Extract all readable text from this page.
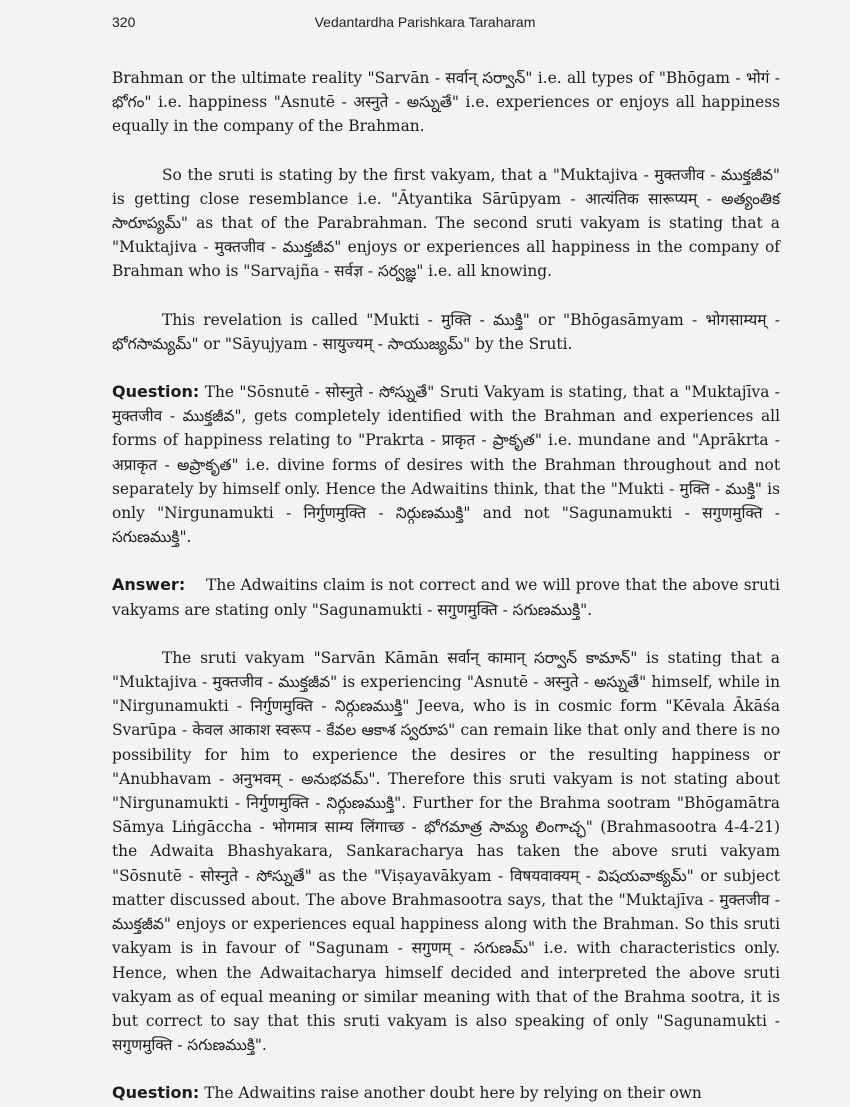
320	Vedantardha Parishkara Taraharam

Brahman or the ultimate reality "Sarvān - सर्वान् సర్వాన్" i.e. all types of "Bhōgam - भोगं - భోగం" i.e. happiness "Asnutē - अस्नुते - అస్నుతే" i.e. experiences or enjoys all happiness equally in the company of the Brahman.

So the sruti is stating by the first vakyam, that a "Muktajiva - मुक्तजीव - ముక్తజీవ" is getting close resemblance i.e. "Ātyantika Sārūpyam - आत्यंतिक सारूप्यम् - అత్యంతిక సారూప్యమ్" as that of the Parabrahman. The second sruti vakyam is stating that a "Muktajiva - मुक्तजीव - ముక్తజీవ" enjoys or experiences all happiness in the company of Brahman who is "Sarvajña - सर्वज्ञ - సర్వజ్ఞ" i.e. all knowing.

This revelation is called "Mukti - मुक्ति - ముక్తి" or "Bhōgasāmyam - भोगसाम्यम् - భోగసామ్యమ్" or "Sāyujyam - सायुज्यम् - సాయుజ్యమ్" by the Sruti.

Question: The "Sōsnutē - सोस्नुते - సోస్నుతే" Sruti Vakyam is stating, that a "Muktajīva - मुक्तजीव - ముక్తజీవ", gets completely identified with the Brahman and experiences all forms of happiness relating to "Prakrta - प्राकृत - ప్రాకృత" i.e. mundane and "Aprākrta - अप्राकृत - అప్రాకృత" i.e. divine forms of desires with the Brahman throughout and not separately by himself only. Hence the Adwaitins think, that the "Mukti - मुक्ति - ముక్తి" is only "Nirgunamukti - निर्गुणमुक्ति - నిర్గుణముక్తి" and not "Sagunamukti - सगुणमुक्ति - సగుణముక్తి".

Answer: The Adwaitins claim is not correct and we will prove that the above sruti vakyams are stating only "Sagunamukti - सगुणमुक्ति - సగుణముక్తి".

The sruti vakyam "Sarvān Kāmān सर्वान् कामान् సర్వాన్ కామాన్" is stating that a "Muktajiva - मुक्तजीव - ముక్తజీవ" is experiencing "Asnutē - अस्नुते - అస్నుతే" himself, while in "Nirgunamukti - निर्गुणमुक्ति - నిర్గుణముక్తి" Jeeva, who is in cosmic form "Kēvala Ākāśa Svarūpa - केवल आकाश स्वरूप - కేవల ఆకాశ స్వరూప" can remain like that only and there is no possibility for him to experience the desires or the resulting happiness or "Anubhavam - अनुभवम् - అనుభవమ్". Therefore this sruti vakyam is not stating about "Nirgunamukti - निर्गुणमुक्ति - నిర్గుణముక్తి". Further for the Brahma sootram "Bhōgamātra Sāmya Liṅgāccha - भोगमात्र साम्य लिंगाच्छ - భోగమాత్ర సామ్య లింగాచ్ఛ" (Brahmasootra 4-4-21) the Adwaita Bhashyakara, Sankaracharya has taken the above sruti vakyam "Sōsnutē - सोस्नुते - సోస్నుతే" as the "Viṣayavākyam - विषयवाक्यम् - విషయవాక్యమ్" or subject matter discussed about. The above Brahmasootra says, that the "Muktajīva - मुक्तजीव - ముక్తజీవ" enjoys or experiences equal happiness along with the Brahman. So this sruti vakyam is in favour of "Sagunam - सगुणम् - సగుణమ్" i.e. with characteristics only. Hence, when the Adwaitacharya himself decided and interpreted the above sruti vakyam as of equal meaning or similar meaning with that of the Brahma sootra, it is but correct to say that this sruti vakyam is also speaking of only "Sagunamukti - सगुणमुक्ति - సగుణముక్తి".

Question: The Adwaitins raise another doubt here by relying on their own
